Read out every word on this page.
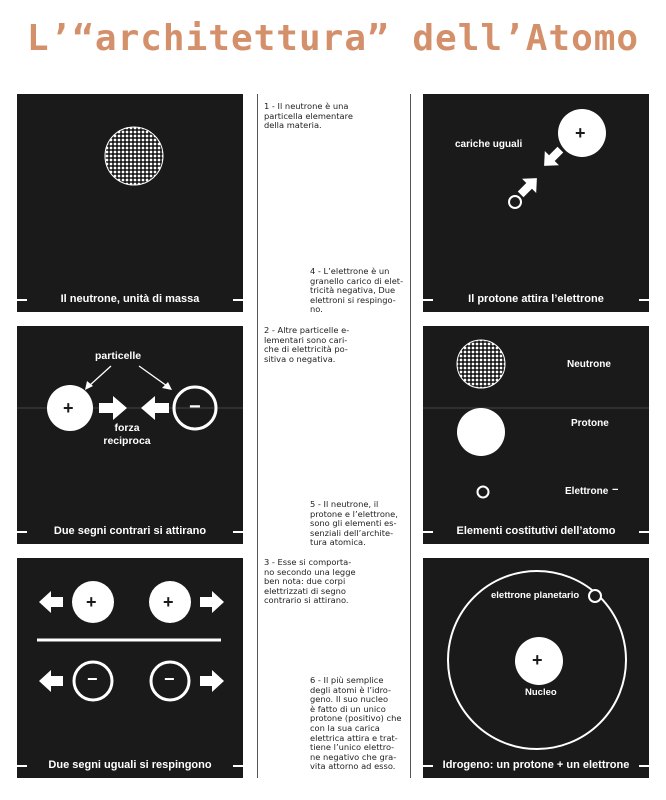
L’“architettura” dell’Atomo
Il neutrone, unità di massa
particelle
+	−
forza
reciproca
Due segni contrari si attirano
+	+
−	−
Due segni uguali si respingono
1 - Il neutrone è una
particella elementare
della materia.
4 - L’elettrone è un
granello carico di elet-
tricità negativa, Due
elettroni si respingo-
no.
2 - Altre particelle e-
lementari sono cari-
che di elettricità po-
sitiva o negativa.
5 - Il neutrone, il
protone e l’elettrone,
sono gli elementi es-
senziali dell’archite-
tura atomica.
3 - Esse si comporta-
no secondo una legge
ben nota: due corpi
elettrizzati di segno
contrario si attirano.
6 - Il più semplice
degli atomi è l’idro-
geno. Il suo nucleo
è fatto di un unico
protone (positivo) che
con la sua carica
elettrica attira e trat-
tiene l’unico elettro-
ne negativo che gra-
vita attorno ad esso.
+
cariche uguali
Il protone attira l’elettrone
Neutrone
Protone
Elettrone −
Elementi costitutivi dell’atomo
elettrone planetario
+
Nucleo
Idrogeno: un protone + un elettrone
